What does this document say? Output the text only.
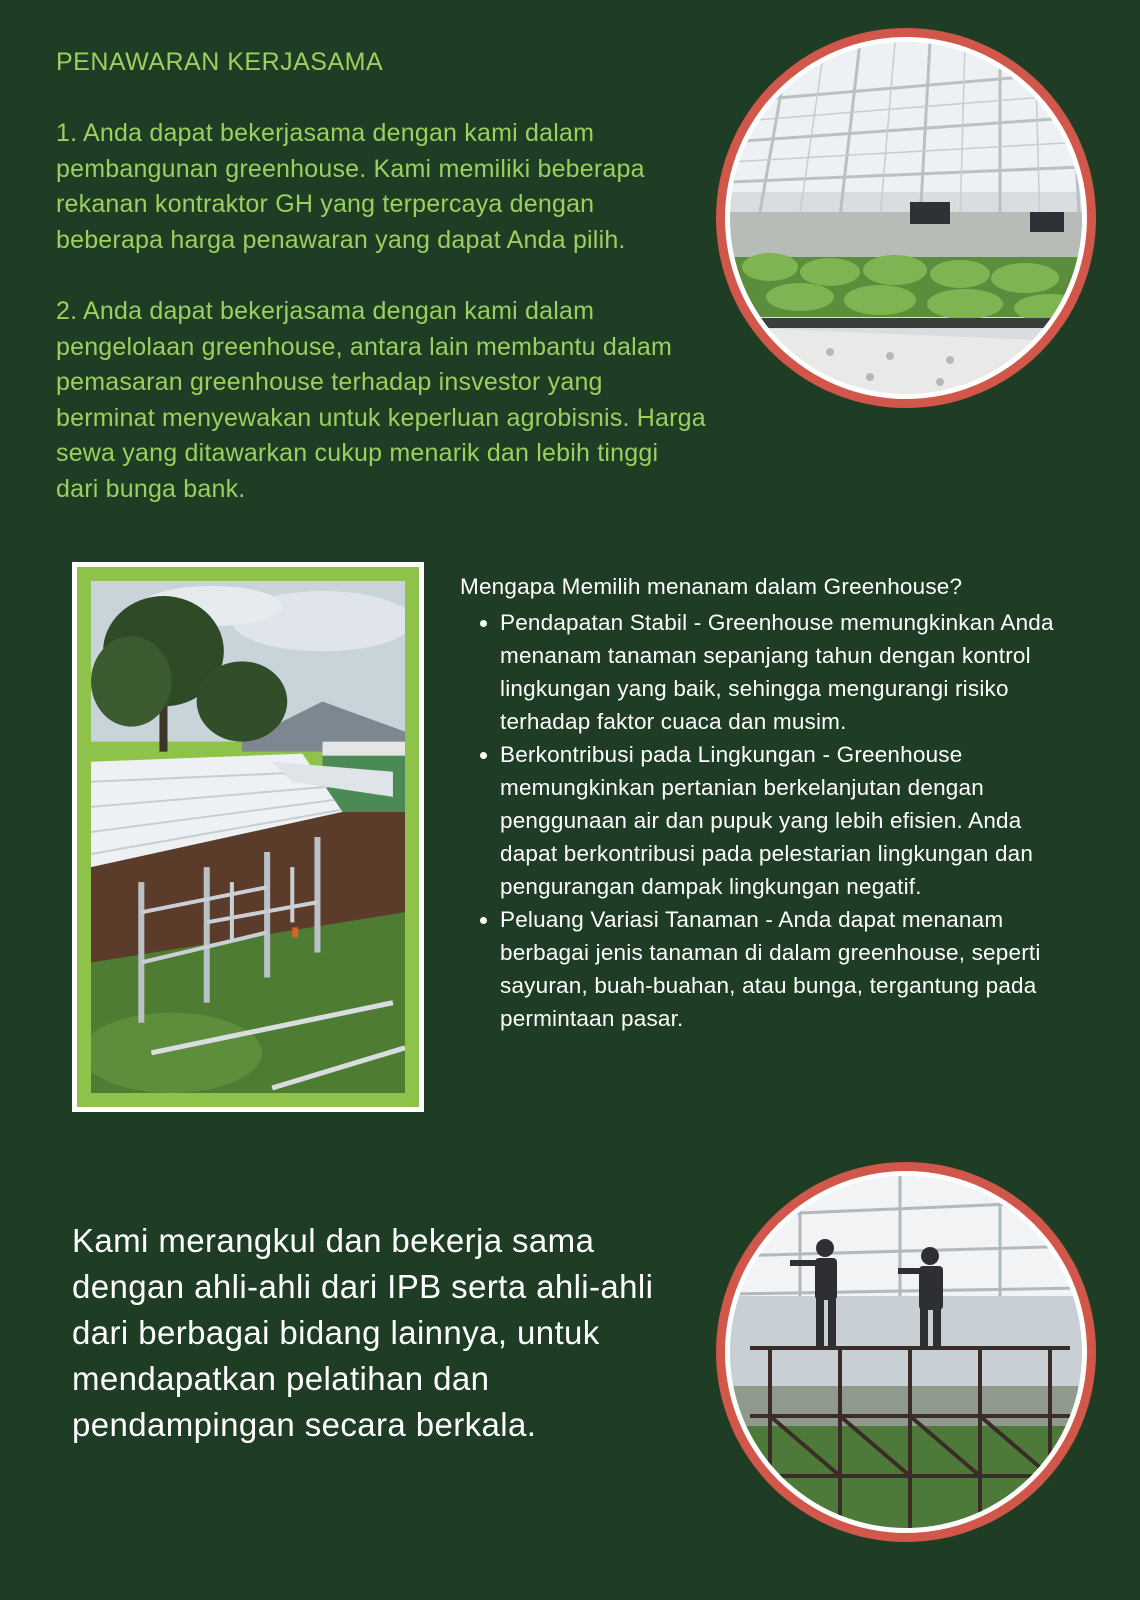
PENAWARAN KERJASAMA

1. Anda dapat bekerjasama dengan kami dalam pembangunan greenhouse. Kami memiliki beberapa rekanan kontraktor GH yang terpercaya dengan beberapa harga penawaran yang dapat Anda pilih.

2. Anda dapat bekerjasama dengan kami dalam pengelolaan greenhouse, antara lain membantu dalam pemasaran greenhouse terhadap insvestor yang berminat menyewakan untuk keperluan agrobisnis. Harga sewa yang ditawarkan cukup menarik dan lebih tinggi dari bunga bank.

Mengapa Memilih menanam dalam Greenhouse?
• Pendapatan Stabil - Greenhouse memungkinkan Anda menanam tanaman sepanjang tahun dengan kontrol lingkungan yang baik, sehingga mengurangi risiko terhadap faktor cuaca dan musim.
• Berkontribusi pada Lingkungan - Greenhouse memungkinkan pertanian berkelanjutan dengan penggunaan air dan pupuk yang lebih efisien. Anda dapat berkontribusi pada pelestarian lingkungan dan pengurangan dampak lingkungan negatif.
• Peluang Variasi Tanaman - Anda dapat menanam berbagai jenis tanaman di dalam greenhouse, seperti sayuran, buah-buahan, atau bunga, tergantung pada permintaan pasar.

Kami merangkul dan bekerja sama dengan ahli-ahli dari IPB serta ahli-ahli dari berbagai bidang lainnya, untuk mendapatkan pelatihan dan pendampingan secara berkala.
